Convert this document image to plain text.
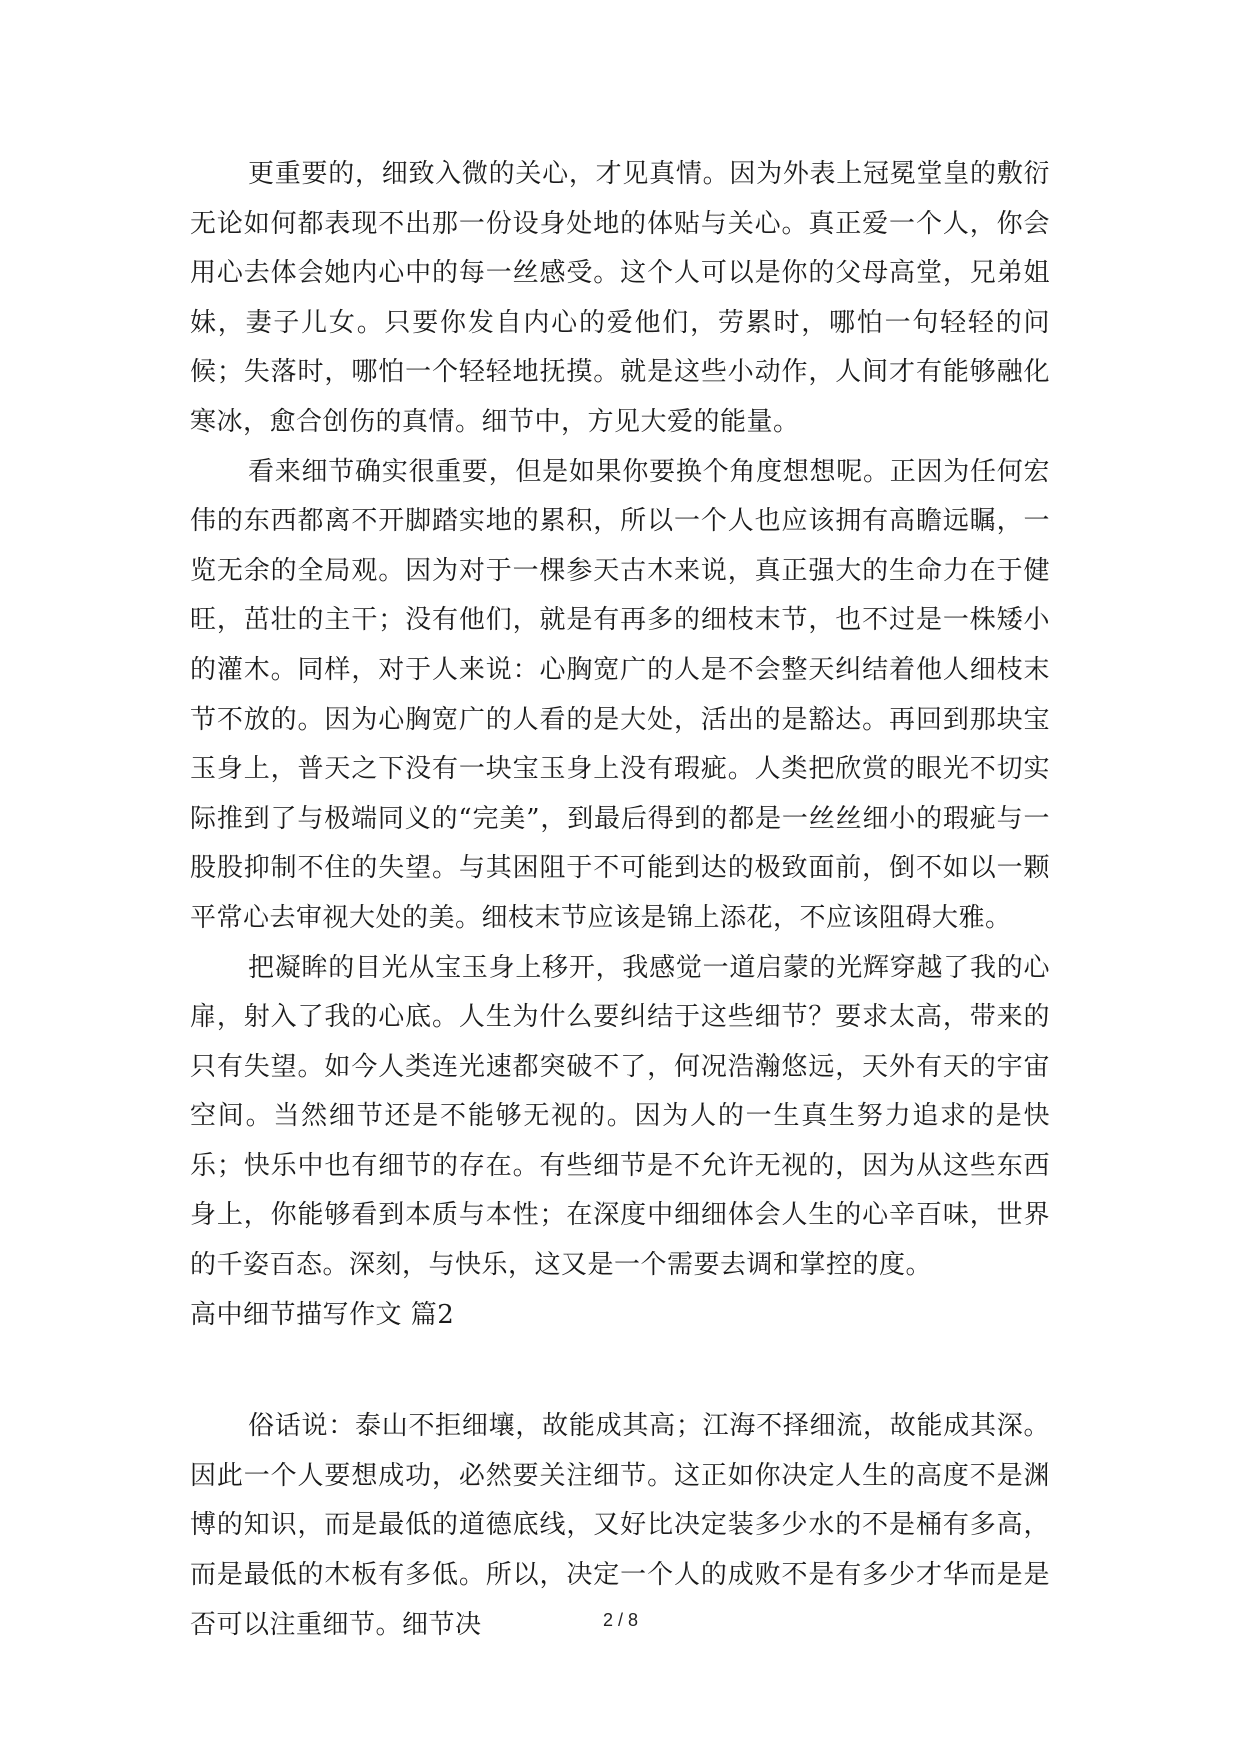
更重要的，细致入微的关心，才见真情。因为外表上冠冕堂皇的敷衍无论如何都表现不出那一份设身处地的体贴与关心。真正爱一个人，你会用心去体会她内心中的每一丝感受。这个人可以是你的父母高堂，兄弟姐妹，妻子儿女。只要你发自内心的爱他们，劳累时，哪怕一句轻轻的问候；失落时，哪怕一个轻轻地抚摸。就是这些小动作，人间才有能够融化寒冰，愈合创伤的真情。细节中，方见大爱的能量。

看来细节确实很重要，但是如果你要换个角度想想呢。正因为任何宏伟的东西都离不开脚踏实地的累积，所以一个人也应该拥有高瞻远瞩，一览无余的全局观。因为对于一棵参天古木来说，真正强大的生命力在于健旺，茁壮的主干；没有他们，就是有再多的细枝末节，也不过是一株矮小的灌木。同样，对于人来说：心胸宽广的人是不会整天纠结着他人细枝末节不放的。因为心胸宽广的人看的是大处，活出的是豁达。再回到那块宝玉身上，普天之下没有一块宝玉身上没有瑕疵。人类把欣赏的眼光不切实际推到了与极端同义的“完美”，到最后得到的都是一丝丝细小的瑕疵与一股股抑制不住的失望。与其困阻于不可能到达的极致面前，倒不如以一颗平常心去审视大处的美。细枝末节应该是锦上添花，不应该阻碍大雅。

把凝眸的目光从宝玉身上移开，我感觉一道启蒙的光辉穿越了我的心扉，射入了我的心底。人生为什么要纠结于这些细节？要求太高，带来的只有失望。如今人类连光速都突破不了，何况浩瀚悠远，天外有天的宇宙空间。当然细节还是不能够无视的。因为人的一生真生努力追求的是快乐；快乐中也有细节的存在。有些细节是不允许无视的，因为从这些东西身上，你能够看到本质与本性；在深度中细细体会人生的心辛百味，世界的千姿百态。深刻，与快乐，这又是一个需要去调和掌控的度。

高中细节描写作文 篇2

俗话说：泰山不拒细壤，故能成其高；江海不择细流，故能成其深。因此一个人要想成功，必然要关注细节。这正如你决定人生的高度不是渊博的知识，而是最低的道德底线，又好比决定装多少水的不是桶有多高，而是最低的木板有多低。所以，决定一个人的成败不是有多少才华而是是否可以注重细节。细节决	2 / 8
